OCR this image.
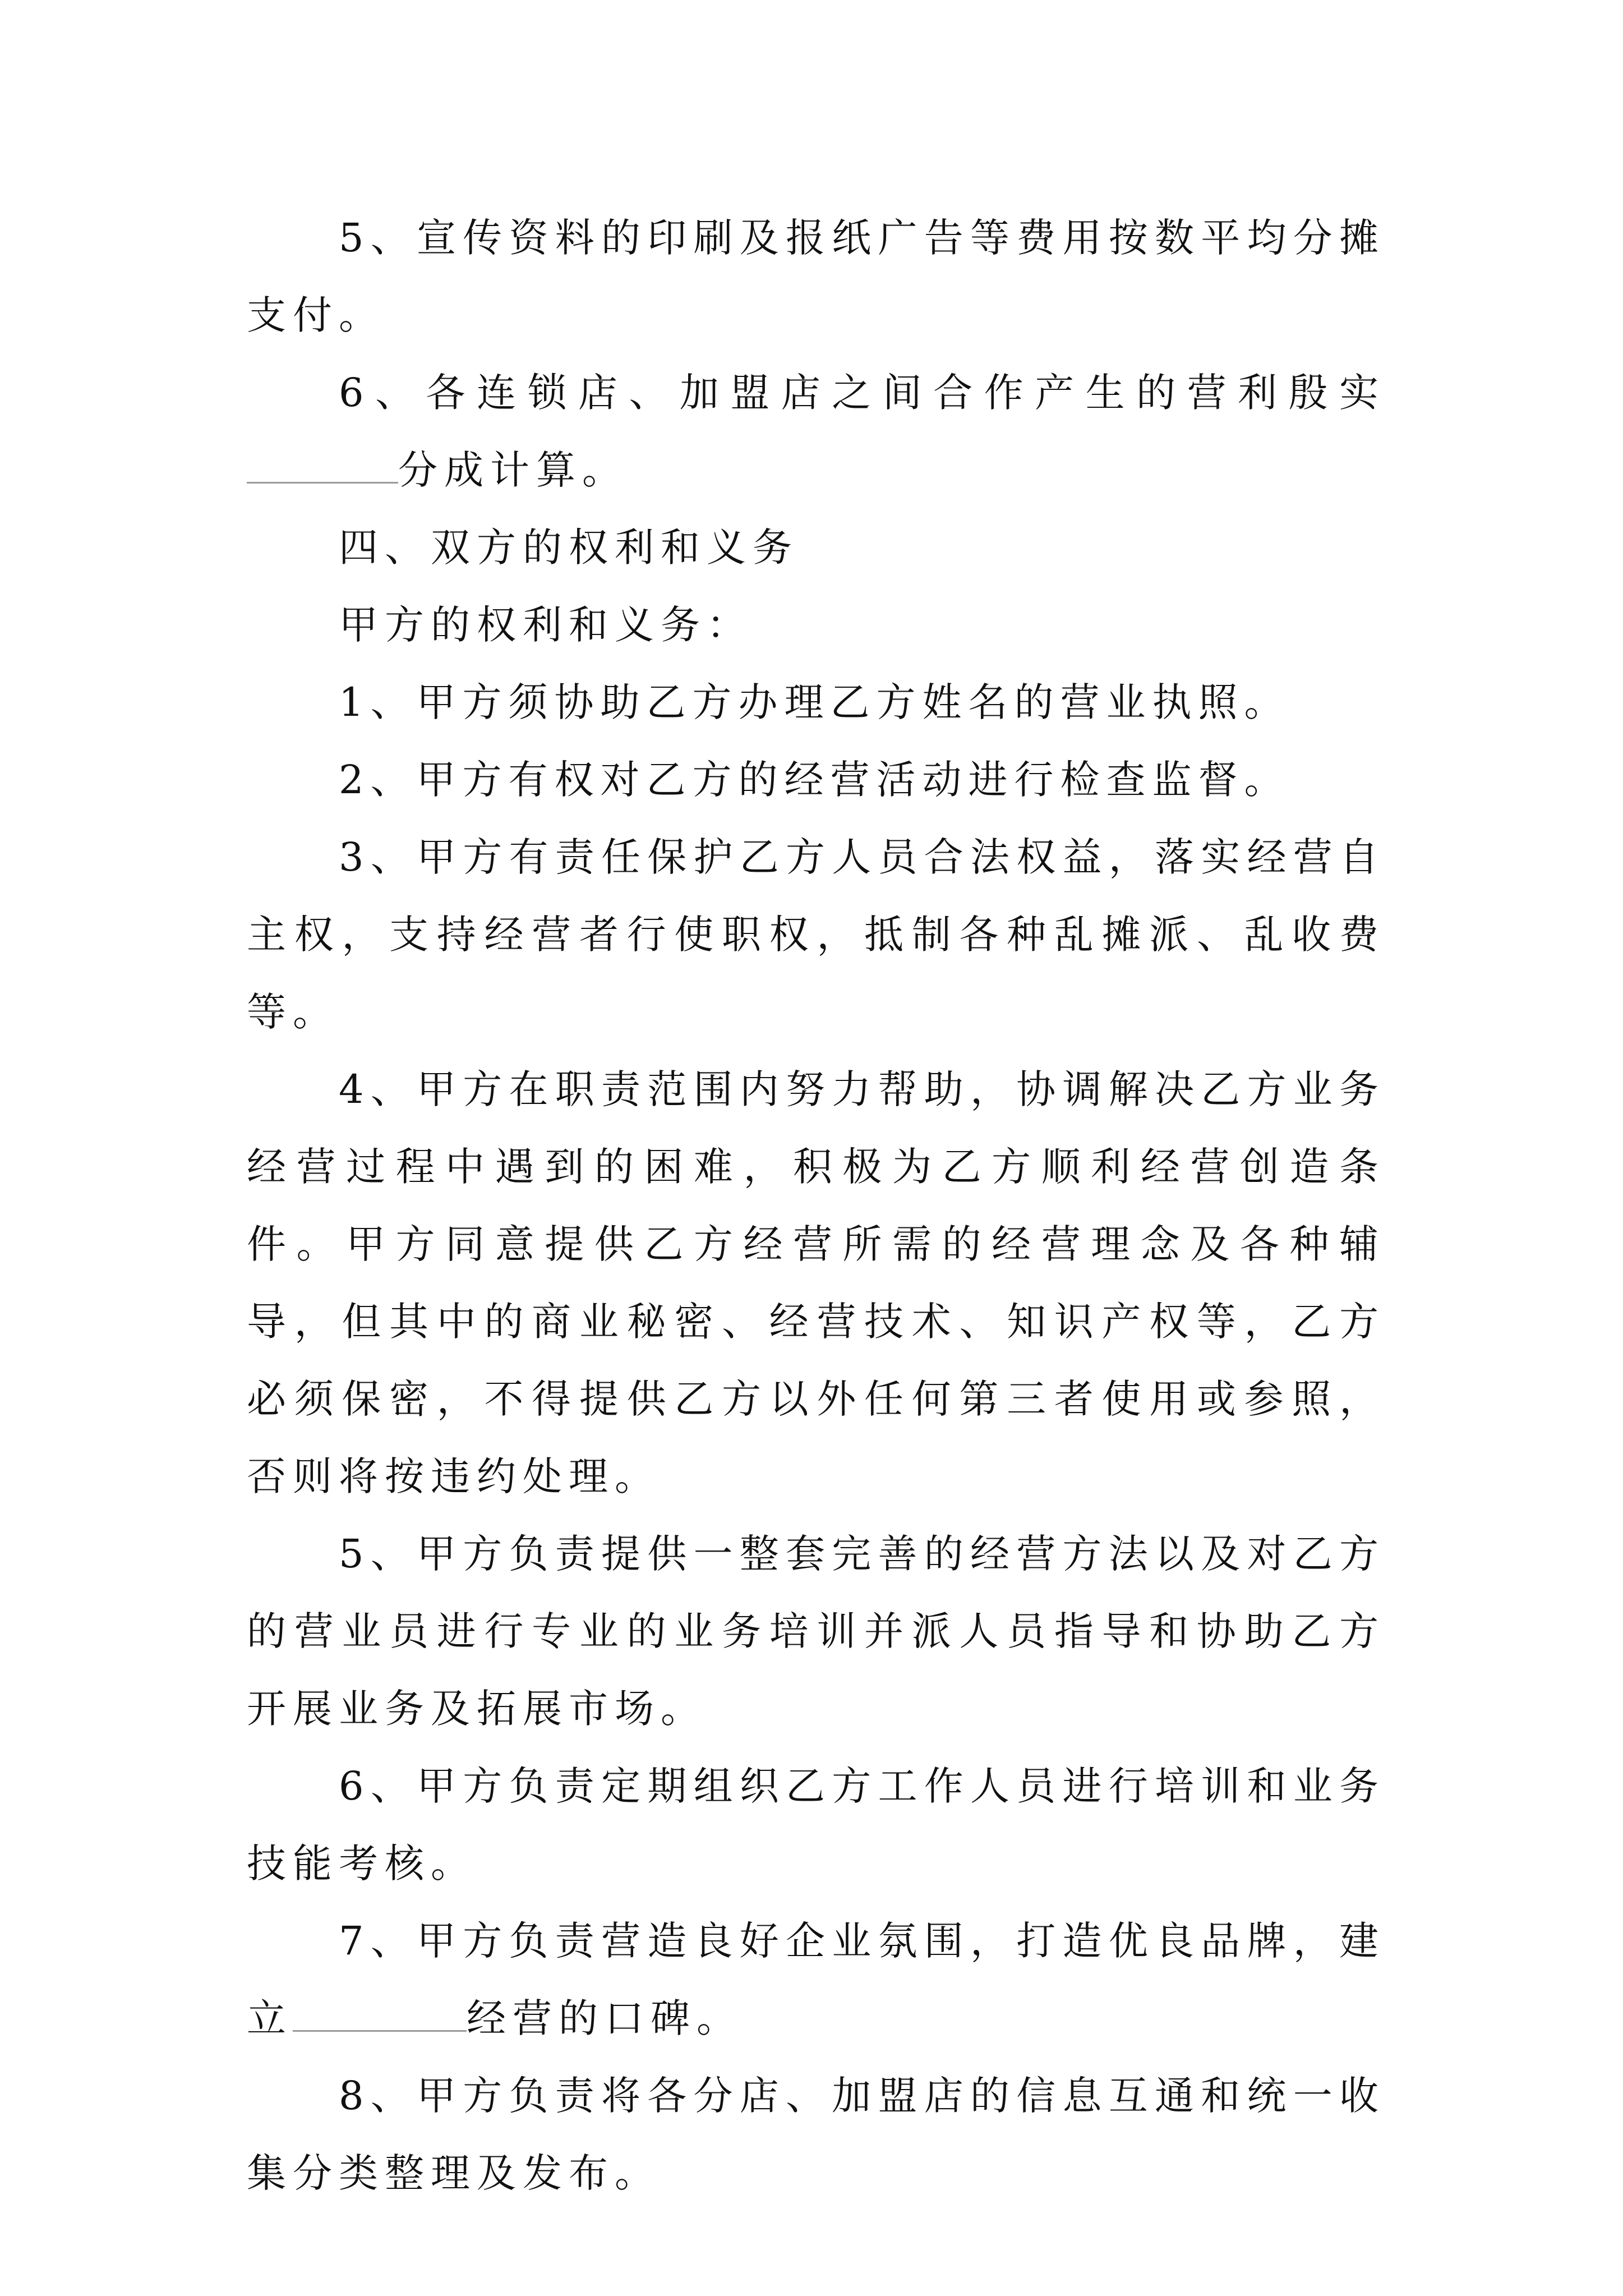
5、宣传资料的印刷及报纸广告等费用按数平均分摊支付。

6、各连锁店、加盟店之间合作产生的营利殷实分成计算。

四、双方的权利和义务

甲方的权利和义务：

1、甲方须协助乙方办理乙方姓名的营业执照。

2、甲方有权对乙方的经营活动进行检查监督。

3、甲方有责任保护乙方人员合法权益，落实经营自主权，支持经营者行使职权，抵制各种乱摊派、乱收费等。

4、甲方在职责范围内努力帮助，协调解决乙方业务经营过程中遇到的困难，积极为乙方顺利经营创造条件。甲方同意提供乙方经营所需的经营理念及各种辅导，但其中的商业秘密、经营技术、知识产权等，乙方必须保密，不得提供乙方以外任何第三者使用或参照，否则将按违约处理。

5、甲方负责提供一整套完善的经营方法以及对乙方的营业员进行专业的业务培训并派人员指导和协助乙方开展业务及拓展市场。

6、甲方负责定期组织乙方工作人员进行培训和业务技能考核。

7、甲方负责营造良好企业氛围，打造优良品牌，建立	经营的口碑。

8、甲方负责将各分店、加盟店的信息互通和统一收集分类整理及发布。
